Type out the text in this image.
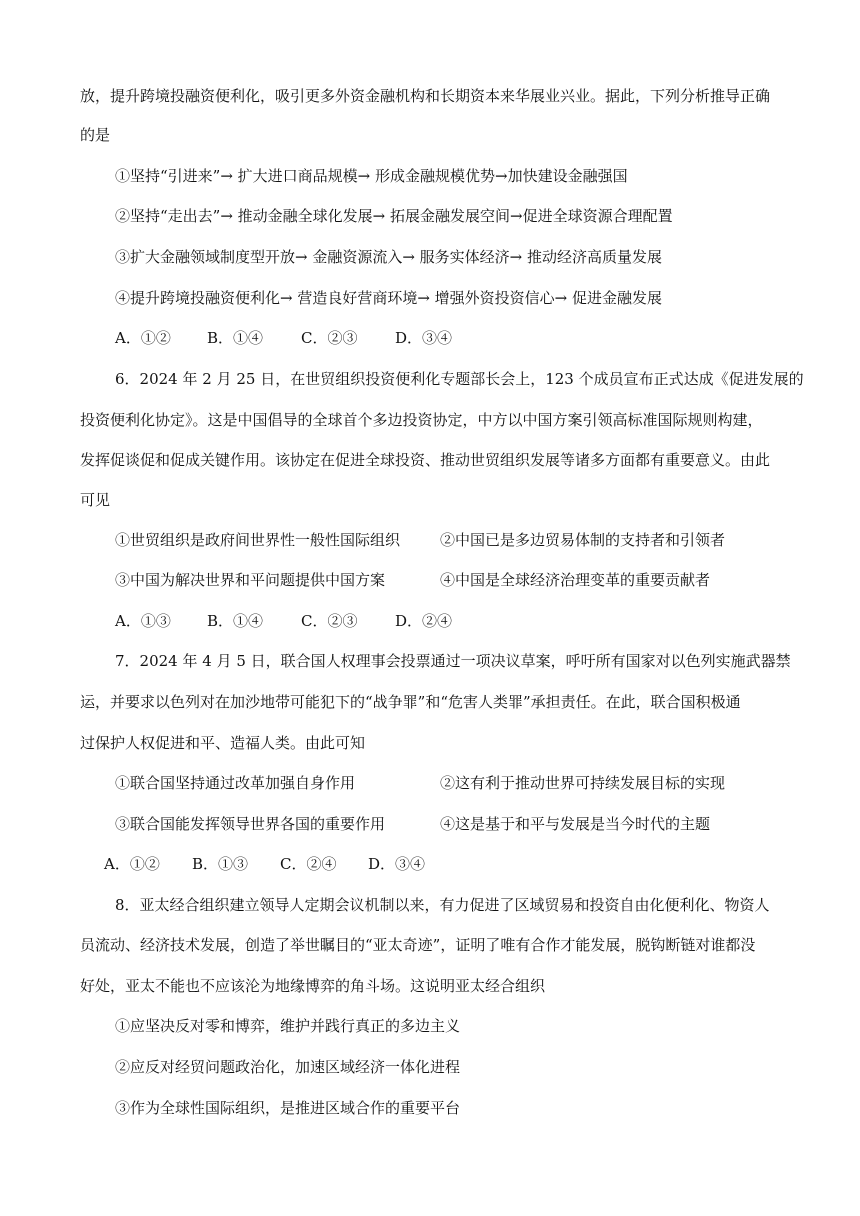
放，提升跨境投融资便利化，吸引更多外资金融机构和长期资本来华展业兴业。据此，下列分析推导正确
的是
①坚持“引进来”→ 扩大进口商品规模→ 形成金融规模优势→加快建设金融强国
②坚持“走出去”→ 推动金融全球化发展→ 拓展金融发展空间→促进全球资源合理配置
③扩大金融领域制度型开放→ 金融资源流入→ 服务实体经济→ 推动经济高质量发展
④提升跨境投融资便利化→ 营造良好营商环境→ 增强外资投资信心→ 促进金融发展
A．①② B．①④	C．②③	D．③④
6．2024 年 2 月 25 日，在世贸组织投资便利化专题部长会上，123 个成员宣布正式达成《促进发展的
投资便利化协定》。这是中国倡导的全球首个多边投资协定，中方以中国方案引领高标准国际规则构建，
发挥促谈促和促成关键作用。该协定在促进全球投资、推动世贸组织发展等诸多方面都有重要意义。由此
可见
①世贸组织是政府间世界性一般性国际组织	②中国已是多边贸易体制的支持者和引领者
③中国为解决世界和平问题提供中国方案	④中国是全球经济治理变革的重要贡献者
A．①③ B．①④	C．②③	D．②④
7．2024 年 4 月 5 日，联合国人权理事会投票通过一项决议草案，呼吁所有国家对以色列实施武器禁
运，并要求以色列对在加沙地带可能犯下的“战争罪”和“危害人类罪”承担责任。在此，联合国积极通
过保护人权促进和平、造福人类。由此可知
①联合国坚持通过改革加强自身作用	②这有利于推动世界可持续发展目标的实现
③联合国能发挥领导世界各国的重要作用	④这是基于和平与发展是当今时代的主题
A．①② B．①③ C．②④ D．③④
8．亚太经合组织建立领导人定期会议机制以来，有力促进了区域贸易和投资自由化便利化、物资人
员流动、经济技术发展，创造了举世瞩目的“亚太奇迹”，证明了唯有合作才能发展，脱钩断链对谁都没
好处，亚太不能也不应该沦为地缘博弈的角斗场。这说明亚太经合组织
①应坚决反对零和博弈，维护并践行真正的多边主义
②应反对经贸问题政治化，加速区域经济一体化进程
③作为全球性国际组织，是推进区域合作的重要平台
